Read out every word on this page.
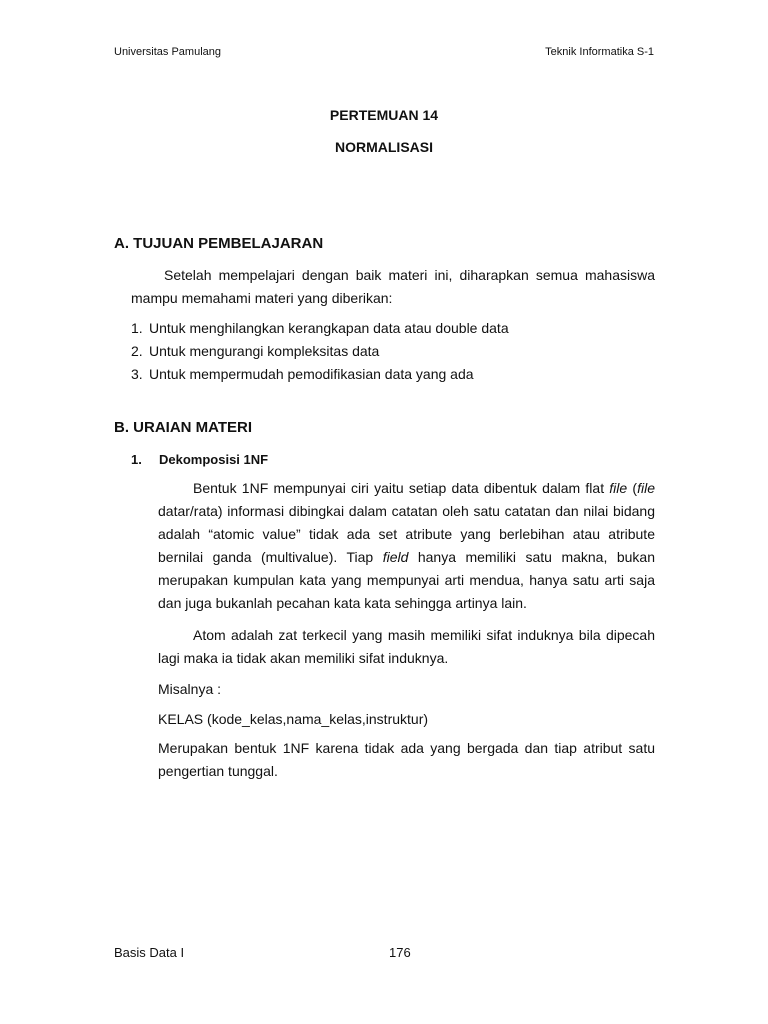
Universitas Pamulang	Teknik Informatika S-1
PERTEMUAN 14
NORMALISASI
A. TUJUAN PEMBELAJARAN

Setelah mempelajari dengan baik materi ini, diharapkan semua mahasiswa mampu memahami materi yang diberikan:

1. Untuk menghilangkan kerangkapan data atau double data
2. Untuk mengurangi kompleksitas data
3. Untuk mempermudah pemodifikasian data yang ada
B. URAIAN MATERI
1. Dekomposisi 1NF

Bentuk 1NF mempunyai ciri yaitu setiap data dibentuk dalam flat file (file datar/rata) informasi dibingkai dalam catatan oleh satu catatan dan nilai bidang adalah “atomic value” tidak ada set atribute yang berlebihan atau atribute bernilai ganda (multivalue). Tiap field hanya memiliki satu makna, bukan merupakan kumpulan kata yang mempunyai arti mendua, hanya satu arti saja dan juga bukanlah pecahan kata kata sehingga artinya lain.

Atom adalah zat terkecil yang masih memiliki sifat induknya bila dipecah lagi maka ia tidak akan memiliki sifat induknya.

Misalnya :
KELAS (kode_kelas,nama_kelas,instruktur)

Merupakan bentuk 1NF karena tidak ada yang bergada dan tiap atribut satu pengertian tunggal.

Basis Data I	176
